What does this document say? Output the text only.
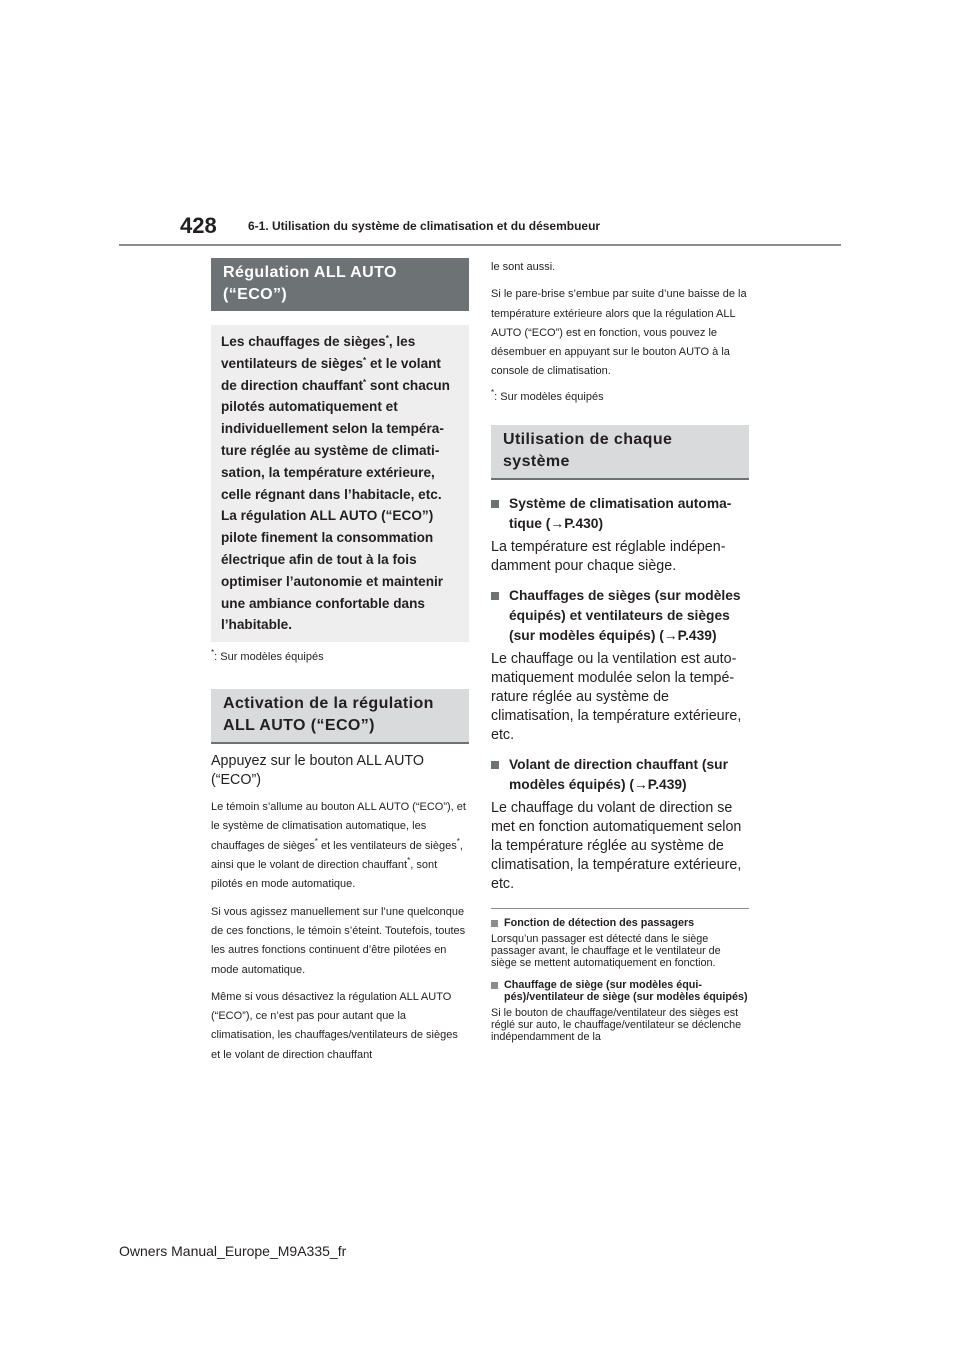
428	6-1. Utilisation du système de climatisation et du désembueur
Régulation ALL AUTO (“ECO”)
Les chauffages de sièges*, les ventilateurs de sièges* et le volant de direction chauffant* sont chacun pilotés automatiquement et individuellement selon la température réglée au système de climatisation, la température extérieure, celle régnant dans l’habitacle, etc. La régulation ALL AUTO (“ECO”) pilote finement la consommation électrique afin de tout à la fois optimiser l’autonomie et maintenir une ambiance confortable dans l’habitable.

*: Sur modèles équipés

Activation de la régulation ALL AUTO (“ECO”)

Appuyez sur le bouton ALL AUTO (“ECO”)

Le témoin s’allume au bouton ALL AUTO (“ECO”), et le système de climatisation automatique, les chauffages de sièges* et les ventilateurs de sièges*, ainsi que le volant de direction chauffant*, sont pilotés en mode automatique.

Si vous agissez manuellement sur l’une quelconque de ces fonctions, le témoin s’éteint. Toutefois, toutes les autres fonctions continuent d’être pilotées en mode automatique.

Même si vous désactivez la régulation ALL AUTO (“ECO”), ce n’est pas pour autant que la climatisation, les chauffages/ventilateurs de sièges et le volant de direction chauffant

le sont aussi.

Si le pare-brise s’embue par suite d’une baisse de la température extérieure alors que la régulation ALL AUTO (“ECO”) est en fonction, vous pouvez le désembuer en appuyant sur le bouton AUTO à la console de climatisation.

*: Sur modèles équipés

Utilisation de chaque système

Système de climatisation automatique (→P.430)

La température est réglable indépendamment pour chaque siège.

Chauffages de sièges (sur modèles équipés) et ventilateurs de sièges (sur modèles équipés) (→P.439)

Le chauffage ou la ventilation est automatiquement modulée selon la température réglée au système de climatisation, la température extérieure, etc.

Volant de direction chauffant (sur modèles équipés) (→P.439)

Le chauffage du volant de direction se met en fonction automatiquement selon la température réglée au système de climatisation, la température extérieure, etc.

Fonction de détection des passagers

Lorsqu’un passager est détecté dans le siège passager avant, le chauffage et le ventilateur de siège se mettent automatiquement en fonction.

Chauffage de siège (sur modèles équipés)/ventilateur de siège (sur modèles équipés)

Si le bouton de chauffage/ventilateur des sièges est réglé sur auto, le chauffage/ventilateur se déclenche indépendamment de la

Owners Manual_Europe_M9A335_fr
